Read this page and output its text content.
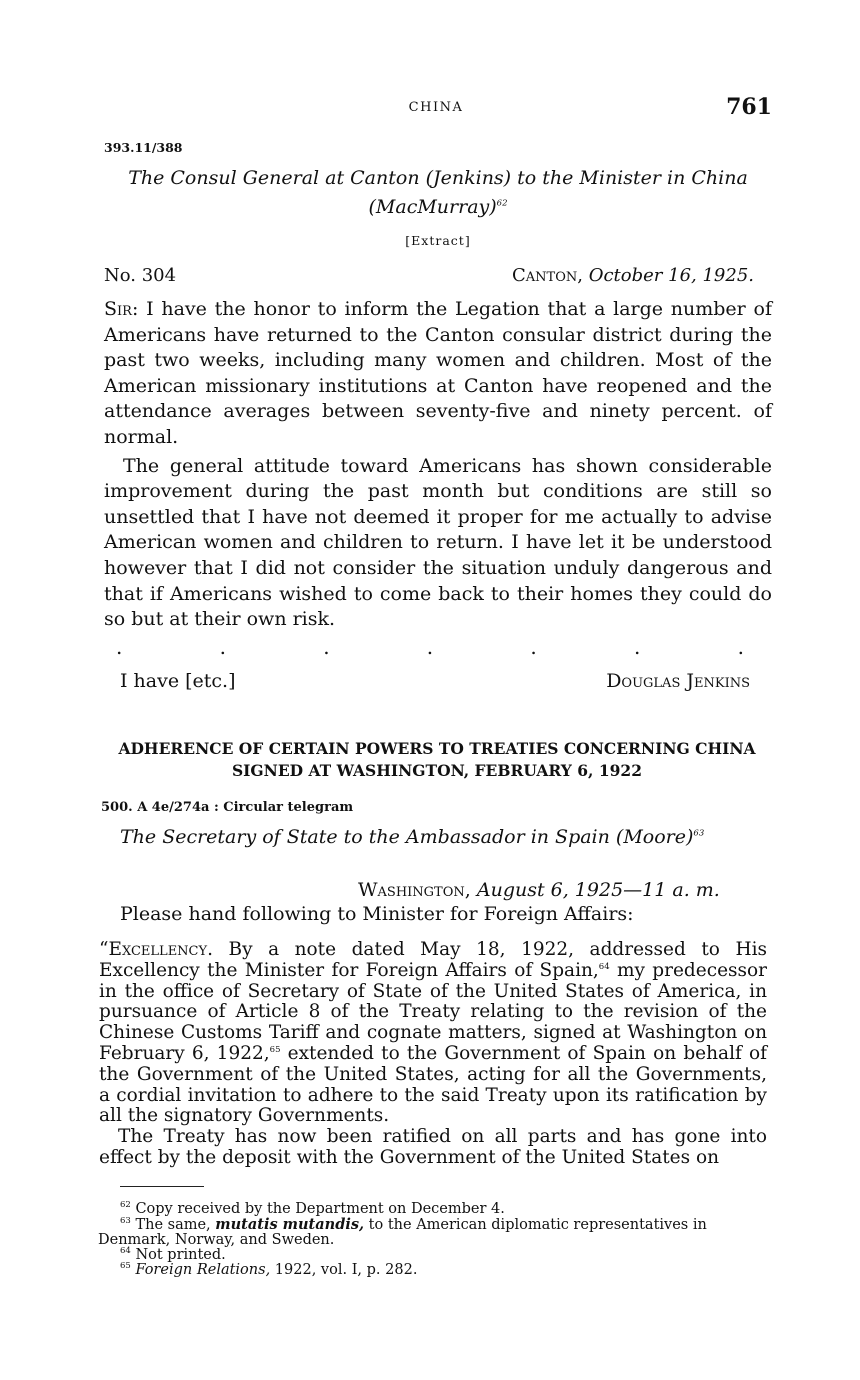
CHINA	761
393.11/388
The Consul General at Canton (Jenkins) to the Minister in China
(MacMurray)$^{62}$
[Extract]
No. 304	Canton, October 16, 1925.

Sir: I have the honor to inform the Legation that a large number of Americans have returned to the Canton consular district during the past two weeks, including many women and children. Most of the American missionary institutions at Canton have reopened and the attendance averages between seventy-five and ninety percent. of normal.

The general attitude toward Americans has shown considerable improvement during the past month but conditions are still so unsettled that I have not deemed it proper for me actually to advise American women and children to return. I have let it be understood however that I did not consider the situation unduly dangerous and that if Americans wished to come back to their homes they could do so but at their own risk.

.	.	.	.	.	.	.
I have [etc.]	Douglas Jenkins
ADHERENCE OF CERTAIN POWERS TO TREATIES CONCERNING CHINA
SIGNED AT WASHINGTON, FEBRUARY 6, 1922
500. A 4e/274a : Circular telegram
The Secretary of State to the Ambassador in Spain (Moore)$^{63}$
Washington, August 6, 1925—11 a. m.
Please hand following to Minister for Foreign Affairs:

“Excellency. By a note dated May 18, 1922, addressed to His Excellency the Minister for Foreign Affairs of Spain,$^{64}$ my predecessor in the office of Secretary of State of the United States of America, in pursuance of Article 8 of the Treaty relating to the revision of the Chinese Customs Tariff and cognate matters, signed at Washington on February 6, 1922,65 extended to the Government of Spain on behalf of the Government of the United States, acting for all the Governments, a cordial invitation to adhere to the said Treaty upon its ratification by all the signatory Governments.

The Treaty has now been ratified on all parts and has gone into effect by the deposit with the Government of the United States on

$^{62}$ Copy received by the Department on December 4.

$^{63}$ The same, mutatis mutandis, to the American diplomatic representatives in Denmark, Norway, and Sweden.

$^{64}$ Not printed.

$^{65}$ Foreign Relations, 1922, vol. I, p. 282.
